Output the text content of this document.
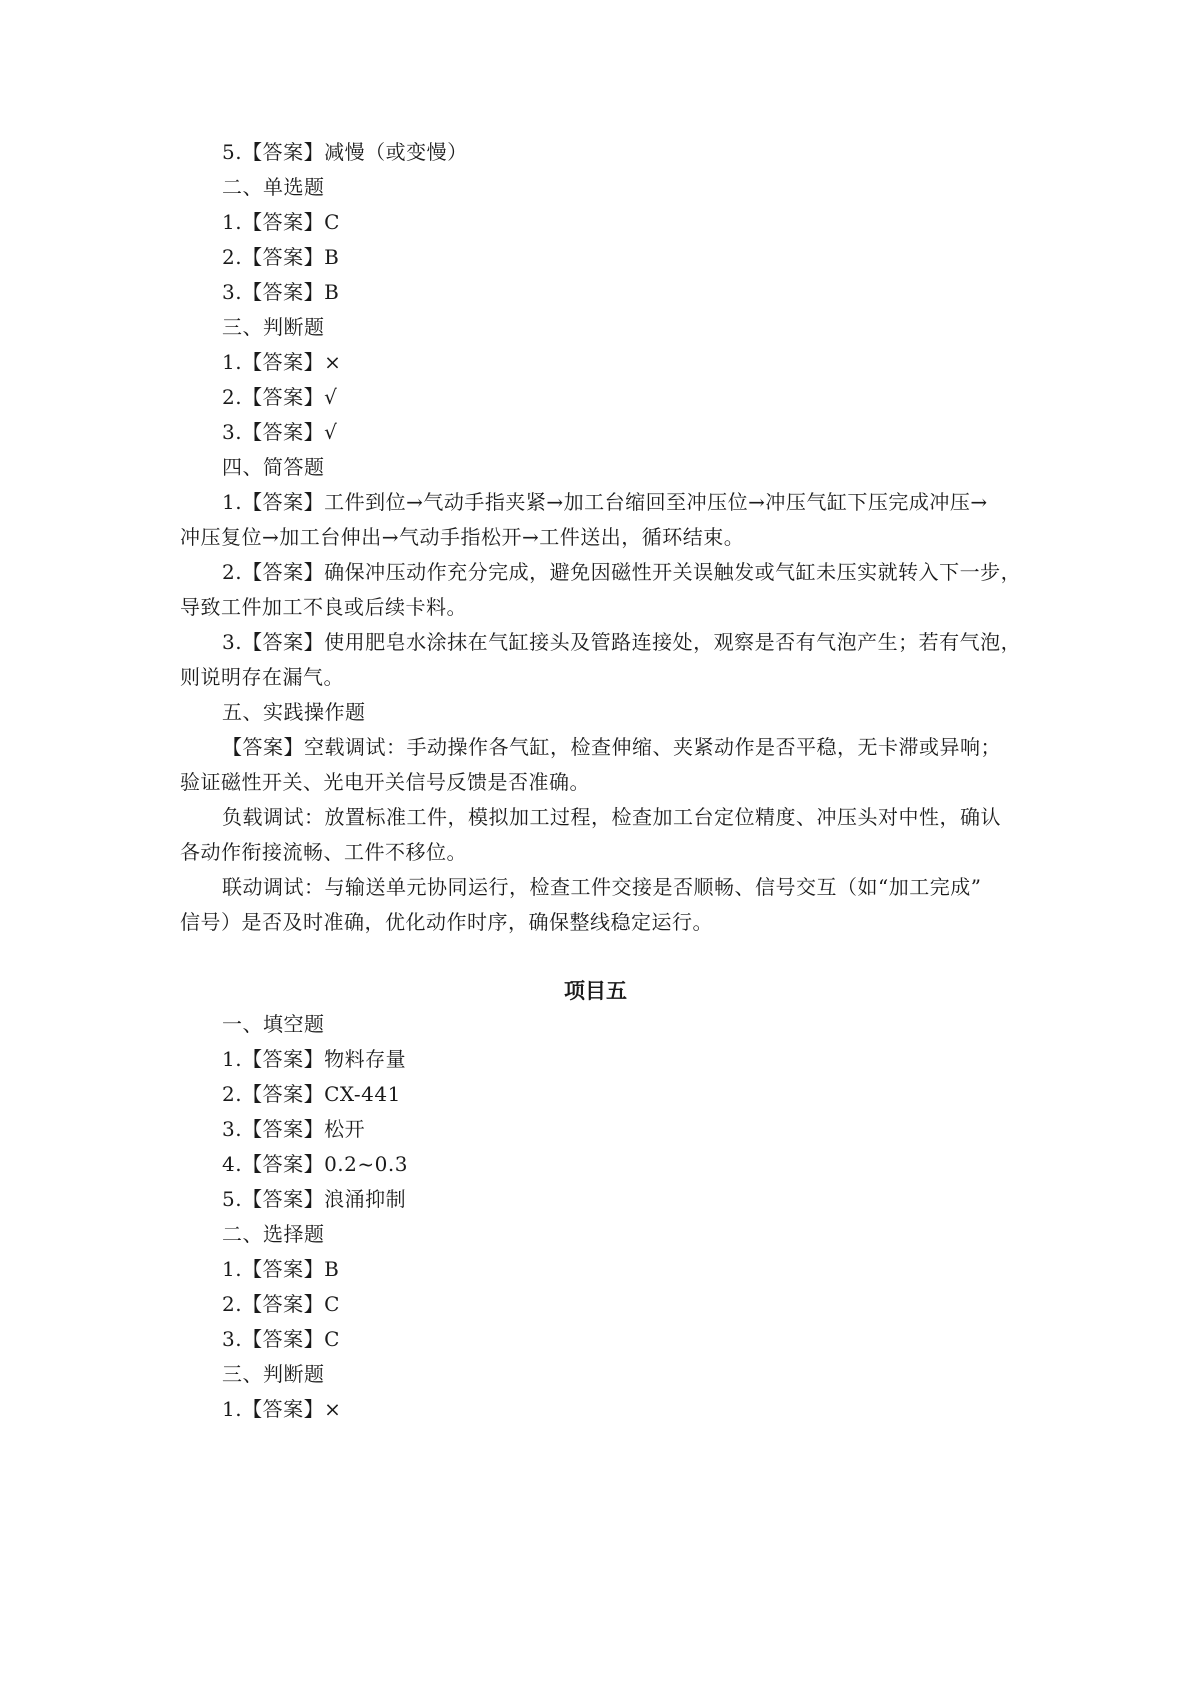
5.【答案】减慢（或变慢）
二、单选题
1.【答案】C
2.【答案】B
3.【答案】B
三、判断题
1.【答案】×
2.【答案】√
3.【答案】√
四、简答题
1.【答案】工件到位→气动手指夹紧→加工台缩回至冲压位→冲压气缸下压完成冲压→
冲压复位→加工台伸出→气动手指松开→工件送出，循环结束。
2.【答案】确保冲压动作充分完成，避免因磁性开关误触发或气缸未压实就转入下一步，
导致工件加工不良或后续卡料。
3.【答案】使用肥皂水涂抹在气缸接头及管路连接处，观察是否有气泡产生；若有气泡，
则说明存在漏气。
五、实践操作题
【答案】空载调试：手动操作各气缸，检查伸缩、夹紧动作是否平稳，无卡滞或异响；
验证磁性开关、光电开关信号反馈是否准确。
负载调试：放置标准工件，模拟加工过程，检查加工台定位精度、冲压头对中性，确认
各动作衔接流畅、工件不移位。
联动调试：与输送单元协同运行，检查工件交接是否顺畅、信号交互（如“加工完成”
信号）是否及时准确，优化动作时序，确保整线稳定运行。
项目五
一、填空题
1.【答案】物料存量
2.【答案】CX-441
3.【答案】松开
4.【答案】0.2~0.3
5.【答案】浪涌抑制
二、选择题
1.【答案】B
2.【答案】C
3.【答案】C
三、判断题
1.【答案】×
